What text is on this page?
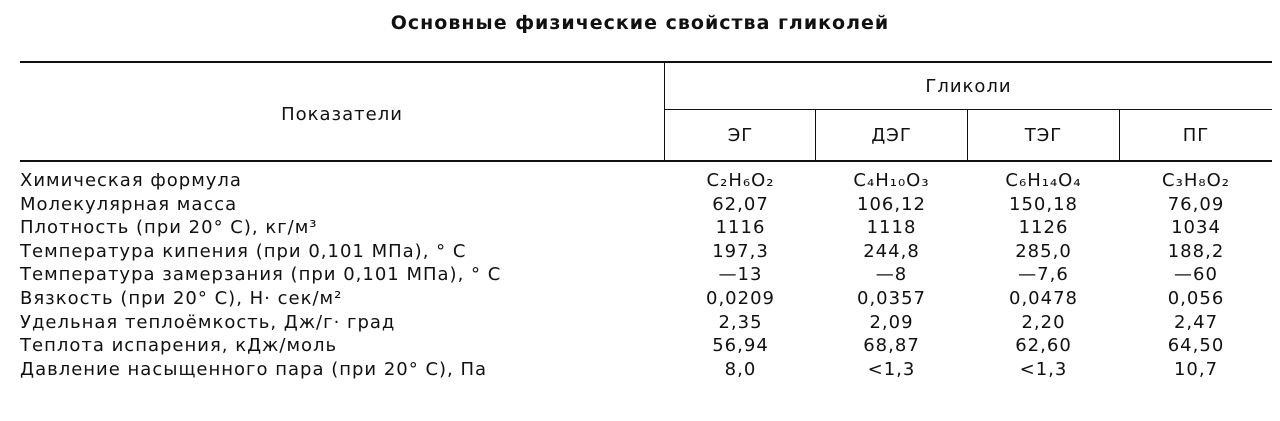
Основные физические свойства гликолей
Показатели
Гликоли
ЭГ	ДЭГ	ТЭГ	ПГ
Химическая формула . . .	C₂H₆O₂	C₄H₁₀O₃	C₆H₁₄O₄	C₃H₈O₂
Молекулярная масса . . .	62,07	106,12	150,18	76,09
Плотность (при 20° С), кг/м³ . . .	1116	1118	1126	1034
Температура кипения (при 0,101 МПа), ° С . . .	197,3	244,8	285,0	188,2
Температура замерзания (при 0,101 МПа), ° С . . .	—13	—8	—7,6	—60
Вязкость (при 20° С), Н· сек/м² . . .	0,0209	0,0357	0,0478	0,056
Удельная теплоёмкость, Дж/г· град . . .	2,35	2,09	2,20	2,47
Теплота испарения, кДж/моль . . .	56,94	68,87	62,60	64,50
Давление насыщенного пара (при 20° С), Па . . .	8,0	<1,3	<1,3	10,7
